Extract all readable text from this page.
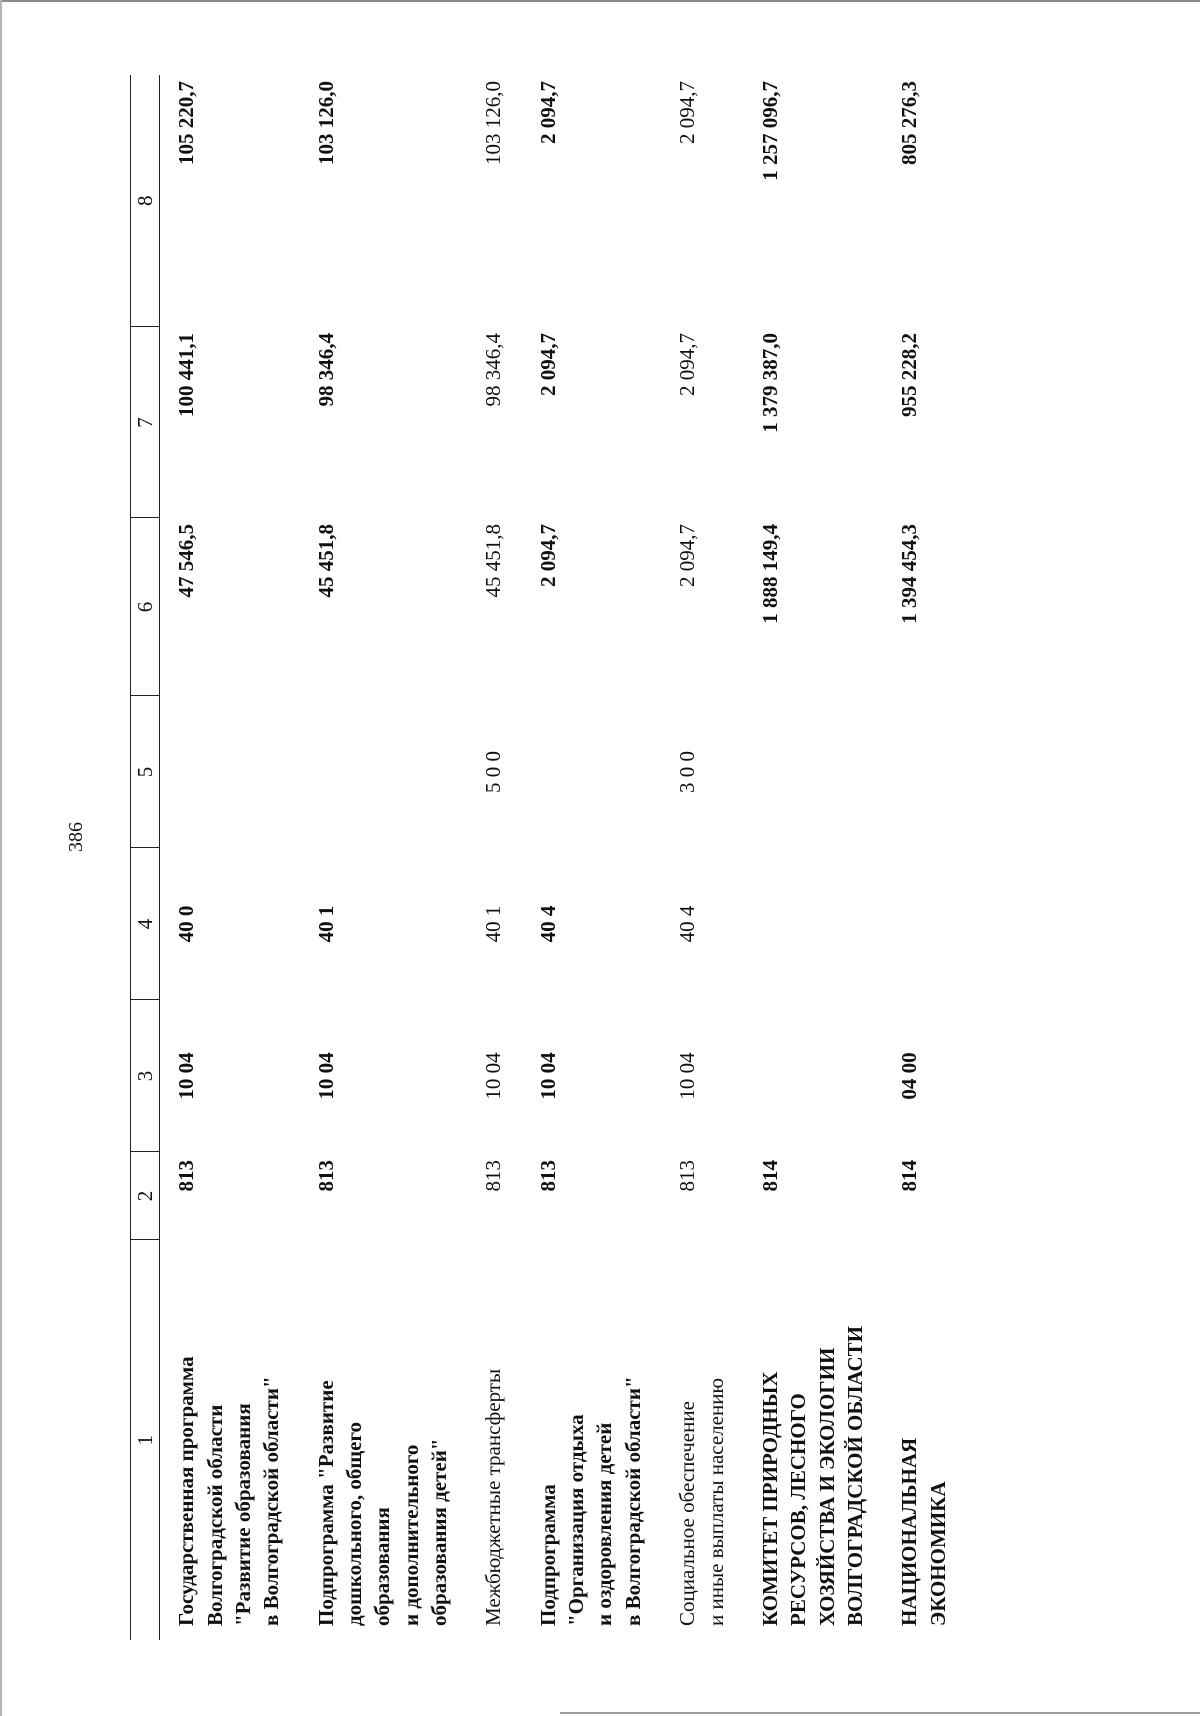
386
1	2	3	4	5	6	7	8

Государственная программа Волгоградской области "Развитие образования в Волгоградской области"	813	10 04	40 0		47 546,5	100 441,1	105 220,7

Подпрограмма "Развитие дошкольного, общего образования и дополнительного образования детей"	813	10 04	40 1		45 451,8	98 346,4	103 126,0

Межбюджетные трансферты	813	10 04	40 1	5 0 0	45 451,8	98 346,4	103 126,0

Подпрограмма "Организация отдыха и оздоровления детей в Волгоградской области"	813	10 04	40 4		2 094,7	2 094,7	2 094,7

Социальное обеспечение и иные выплаты населению	813	10 04	40 4	3 0 0	2 094,7	2 094,7	2 094,7

КОМИТЕТ ПРИРОДНЫХ РЕСУРСОВ, ЛЕСНОГО ХОЗЯЙСТВА И ЭКОЛОГИИ ВОЛГОГРАДСКОЙ ОБЛАСТИ	814				1 888 149,4	1 379 387,0	1 257 096,7

НАЦИОНАЛЬНАЯ ЭКОНОМИКА	814	04 00			1 394 454,3	955 228,2	805 276,3
